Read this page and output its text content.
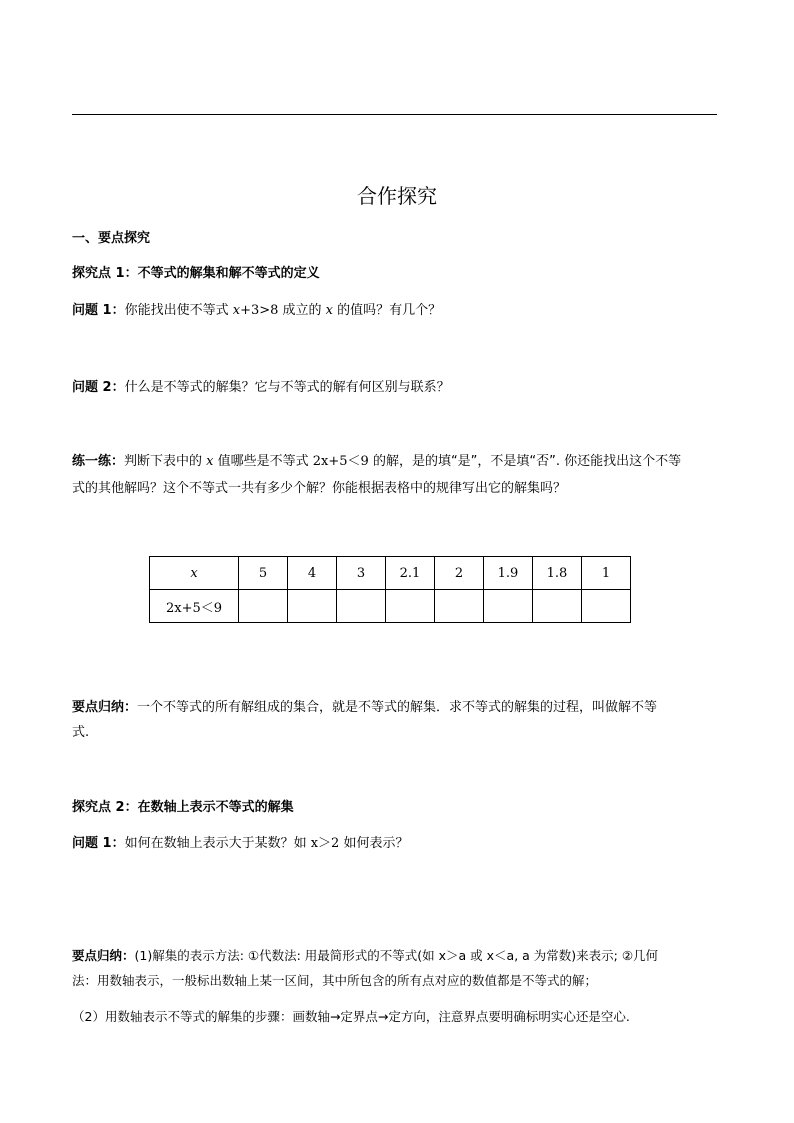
合作探究
一、要点探究
探究点 1：不等式的解集和解不等式的定义
问题 1：你能找出使不等式 x+3>8 成立的 x 的值吗？有几个？
问题 2：什么是不等式的解集？它与不等式的解有何区别与联系？
练一练：判断下表中的 x 值哪些是不等式 2x+5＜9 的解，是的填“是”，不是填“否”. 你还能找出这个不等
式的其他解吗？这个不等式一共有多少个解？你能根据表格中的规律写出它的解集吗？
x	5	4	3	2.1	2	1.9	1.8	1
2x+5＜9								
要点归纳：一个不等式的所有解组成的集合，就是不等式的解集．求不等式的解集的过程，叫做解不等
式.
探究点 2：在数轴上表示不等式的解集
问题 1：如何在数轴上表示大于某数？如 x＞2 如何表示？
要点归纳：(1)解集的表示方法: ①代数法: 用最简形式的不等式(如 x＞a 或 x＜a, a 为常数)来表示; ②几何
法：用数轴表示，一般标出数轴上某一区间，其中所包含的所有点对应的数值都是不等式的解；
（2）用数轴表示不等式的解集的步骤：画数轴→定界点→定方向，注意界点要明确标明实心还是空心.
